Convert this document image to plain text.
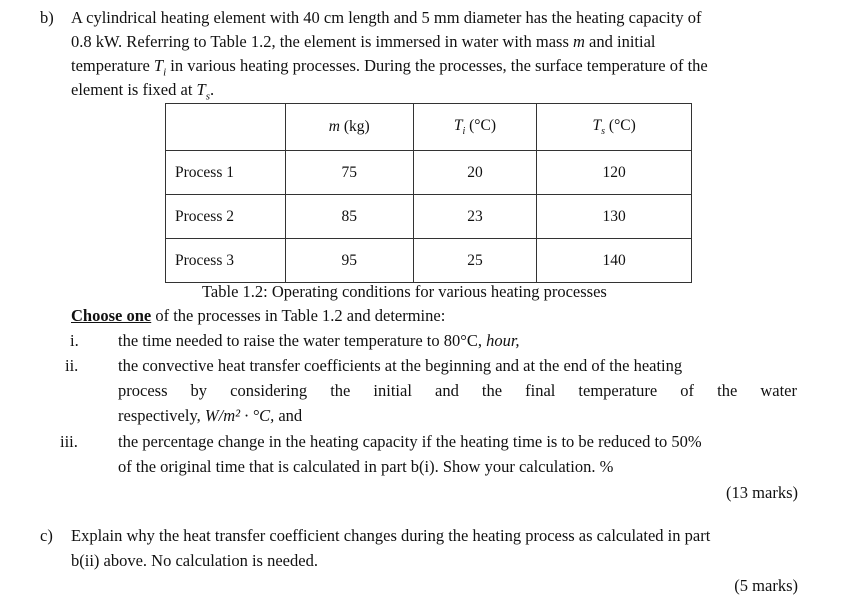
b) A cylindrical heating element with 40 cm length and 5 mm diameter has the heating capacity of
0.8 kW. Referring to Table 1.2, the element is immersed in water with mass m and initial
temperature $T_i$ in various heating processes. During the processes, the surface temperature of the
element is fixed at $T_s$.
	m (kg)	$T_i$ (°C)	$T_s$ (°C)
Process 1	75	20	120
Process 2	85	23	130
Process 3	95	25	140
Table 1.2: Operating conditions for various heating processes
Choose one of the processes in Table 1.2 and determine:
i. the time needed to raise the water temperature to 80°C, hour,
ii. the convective heat transfer coefficients at the beginning and at the end of the heating
process by considering the initial and the final temperature of the water
respectively, W/m² · °C, and
iii. the percentage change in the heating capacity if the heating time is to be reduced to 50%
of the original time that is calculated in part b(i). Show your calculation. %
(13 marks)
c) Explain why the heat transfer coefficient changes during the heating process as calculated in part
b(ii) above. No calculation is needed.
(5 marks)
